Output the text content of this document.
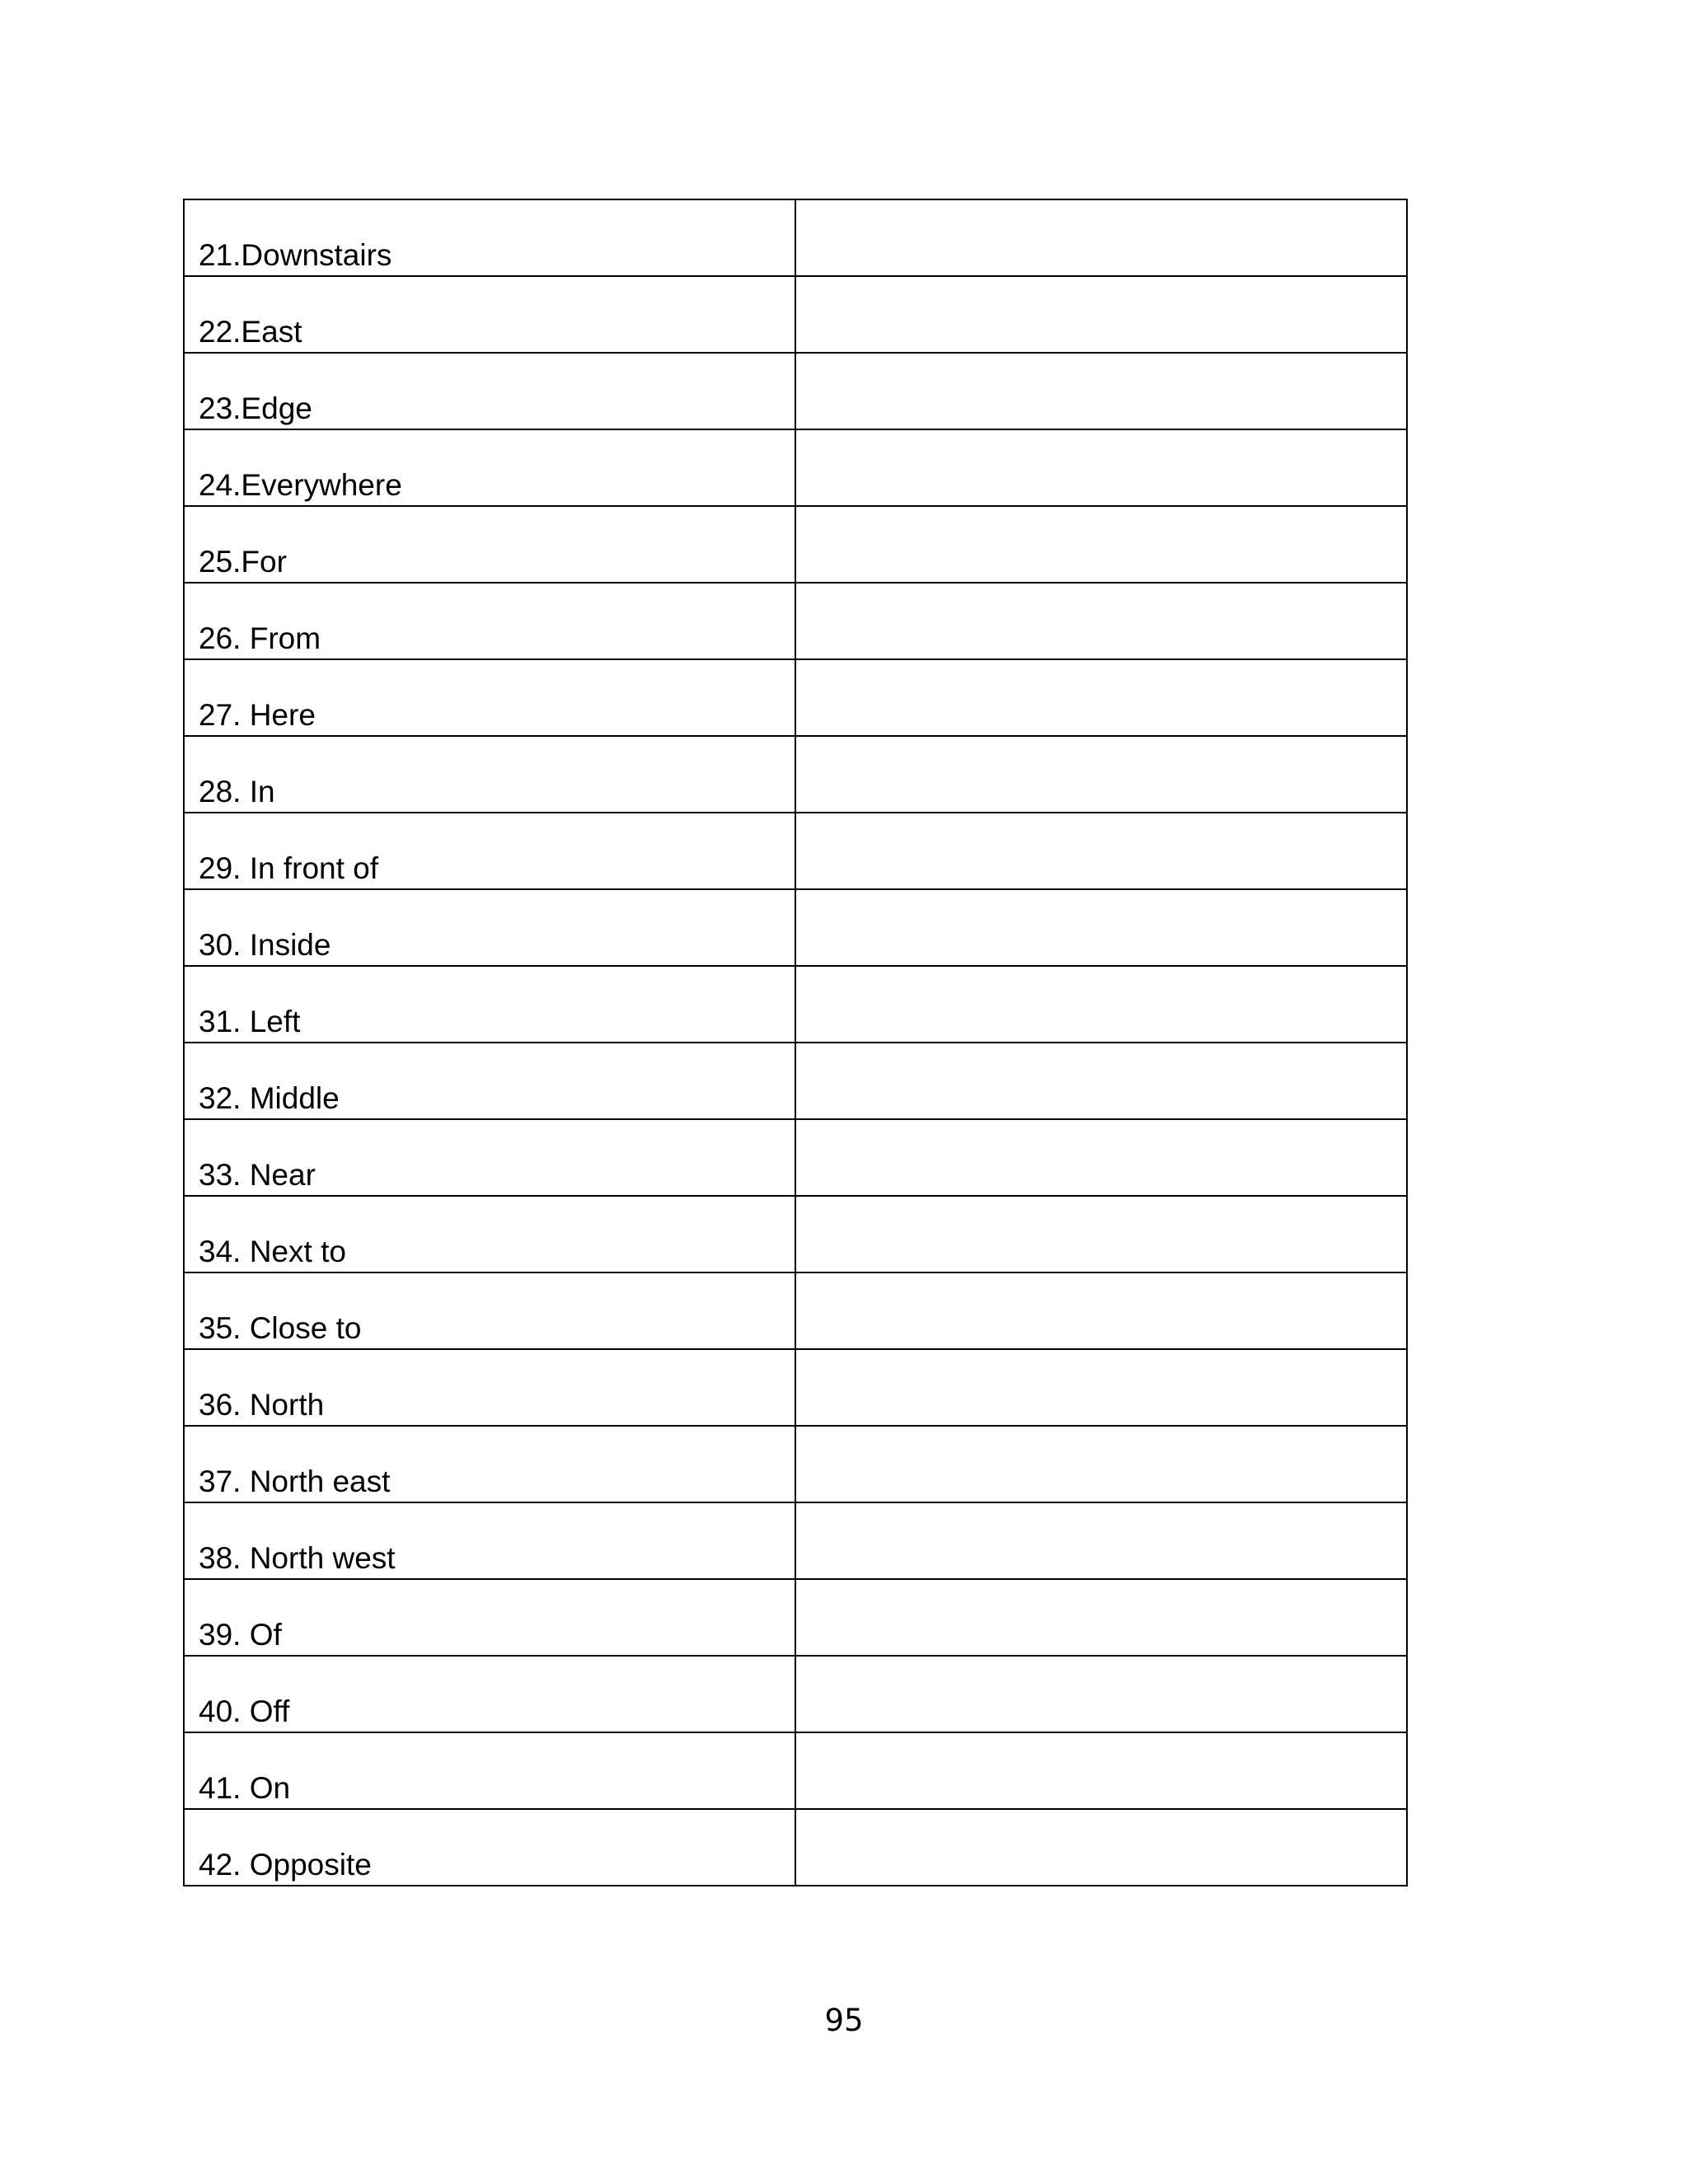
21.Downstairs	

22.East	

23.Edge	

24.Everywhere	

25.For	

26. From	

27. Here	

28. In	

29. In front of	

30. Inside	

31. Left	

32. Middle	

33. Near	

34. Next to	

35. Close to	

36. North	

37. North east	

38. North west	

39. Of	

40. Off	

41. On	

42. Opposite	

95
